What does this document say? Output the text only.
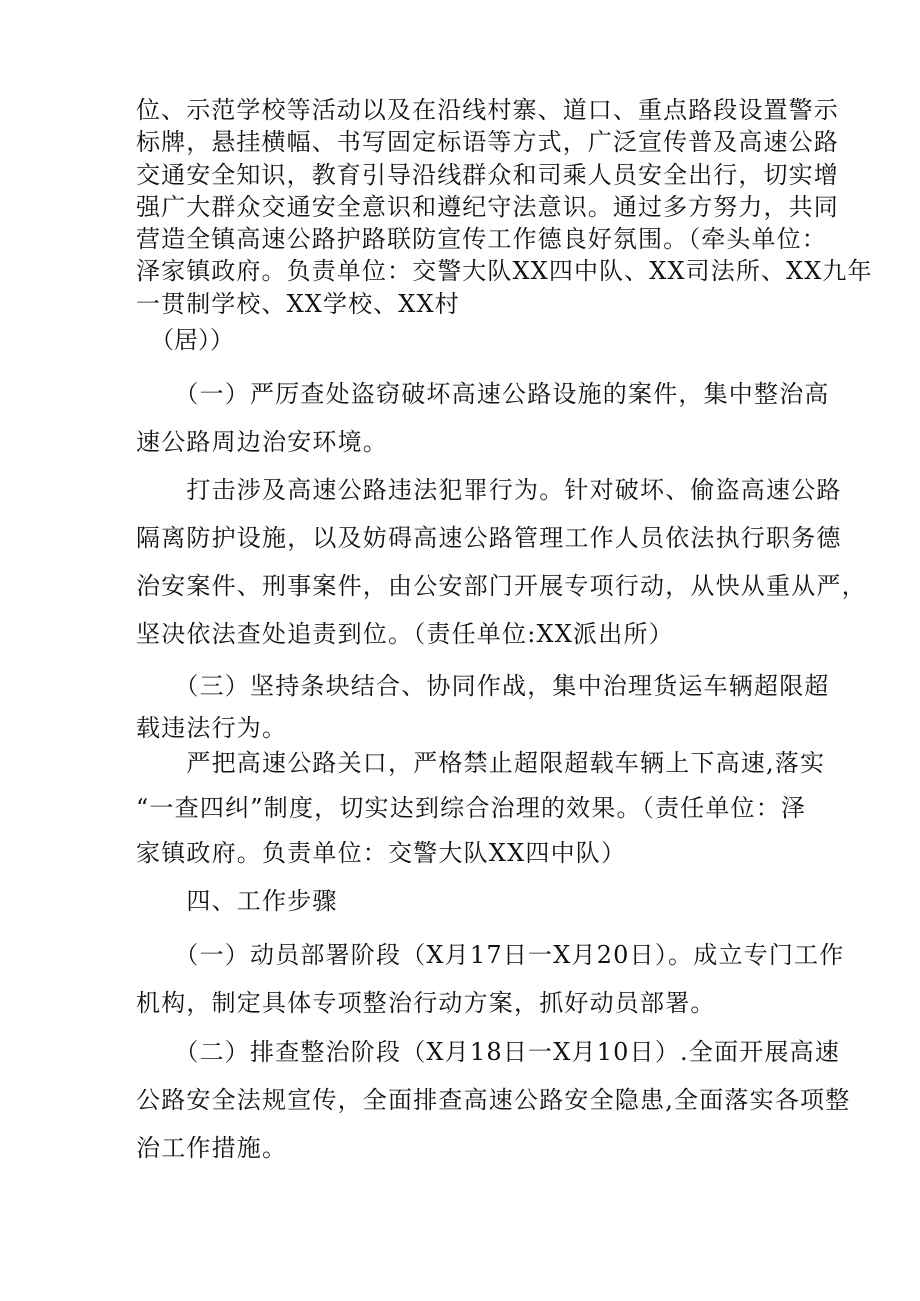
位、示范学校等活动以及在沿线村寨、道口、重点路段设置警示
标牌，悬挂横幅、书写固定标语等方式，广泛宣传普及高速公路
交通安全知识，教育引导沿线群众和司乘人员安全出行，切实增
强广大群众交通安全意识和遵纪守法意识。通过多方努力，共同
营造全镇高速公路护路联防宣传工作德良好氛围。（牵头单位：
泽家镇政府。负责单位：交警大队XX四中队、XX司法所、XX九年
一贯制学校、XX学校、XX村
（居））
　　（一）严厉查处盗窃破坏高速公路设施的案件，集中整治高
速公路周边治安环境。
　　打击涉及高速公路违法犯罪行为。针对破坏、偷盗高速公路
隔离防护设施，以及妨碍高速公路管理工作人员依法执行职务德
治安案件、刑事案件，由公安部门开展专项行动，从快从重从严，
坚决依法查处追责到位。（责任单位:XX派出所）
　　（三）坚持条块结合、协同作战，集中治理货运车辆超限超
载违法行为。
　　严把高速公路关口，严格禁止超限超载车辆上下高速,落实
“一查四纠”制度，切实达到综合治理的效果。（责任单位：泽
家镇政府。负责单位：交警大队XX四中队）
　　四、工作步骤
　　（一）动员部署阶段（X月17日一X月20日）。成立专门工作
机构，制定具体专项整治行动方案，抓好动员部署。
　　（二）排查整治阶段（X月18日一X月10日）.全面开展高速
公路安全法规宣传，全面排查高速公路安全隐患,全面落实各项整
治工作措施。
